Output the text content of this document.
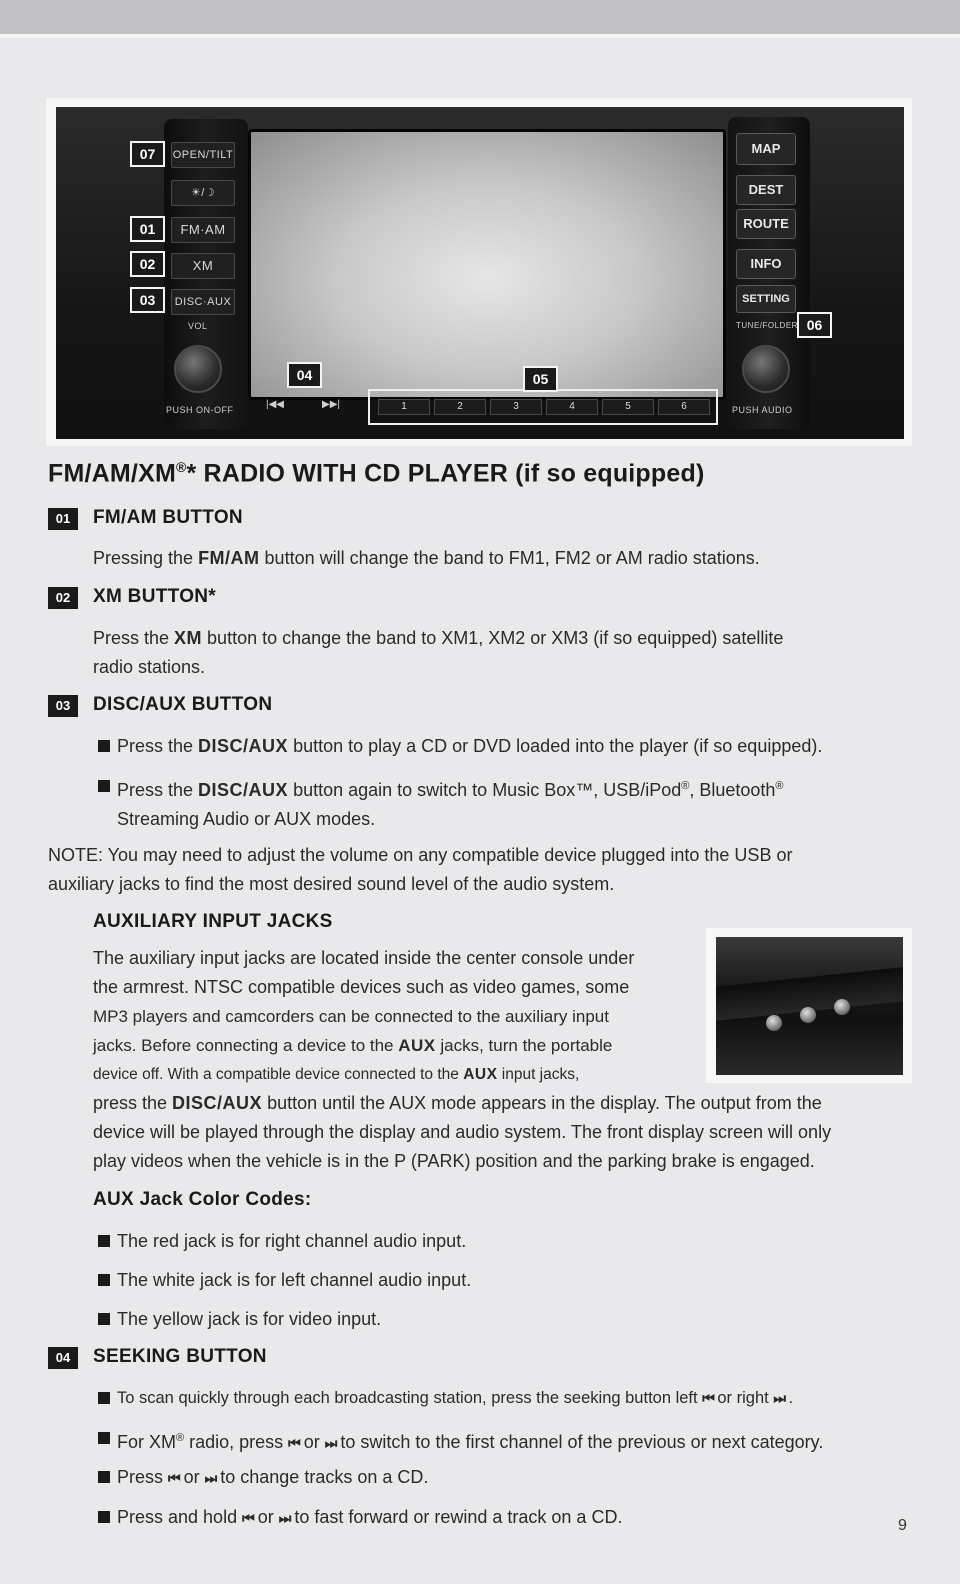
OPEN/TILT
☀/☽
FM·AM
XM
DISC·AUX
VOL
PUSH ON-OFF	|◀◀	▶▶|	1	2	3	4	5	6
MAP
DEST
ROUTE
INFO
SETTING
TUNE/FOLDER
PUSH AUDIO
07
01
02
03
04	05
06
FM/AM/XM®* RADIO WITH CD PLAYER (if so equipped)
01	FM/AM BUTTON
Pressing the FM/AM button will change the band to FM1, FM2 or AM radio stations.
02	XM BUTTON*
Press the XM button to change the band to XM1, XM2 or XM3 (if so equipped) satellite
radio stations.
03	DISC/AUX BUTTON
Press the DISC/AUX button to play a CD or DVD loaded into the player (if so equipped).
Press the DISC/AUX button again to switch to Music Box™, USB/iPod®, Bluetooth®
Streaming Audio or AUX modes.
NOTE: You may need to adjust the volume on any compatible device plugged into the USB or
auxiliary jacks to find the most desired sound level of the audio system.
AUXILIARY INPUT JACKS
The auxiliary input jacks are located inside the center console under
the armrest. NTSC compatible devices such as video games, some
MP3 players and camcorders can be connected to the auxiliary input
jacks. Before connecting a device to the AUX jacks, turn the portable
device off. With a compatible device connected to the AUX input jacks,
press the DISC/AUX button until the AUX mode appears in the display. The output from the
device will be played through the display and audio system. The front display screen will only
play videos when the vehicle is in the P (PARK) position and the parking brake is engaged.
AUX Jack Color Codes:
The red jack is for right channel audio input.
The white jack is for left channel audio input.
The yellow jack is for video input.
04	SEEKING BUTTON
To scan quickly through each broadcasting station, press the seeking button left ⏮ or right ⏭ .
For XM® radio, press ⏮ or ⏭ to switch to the first channel of the previous or next category.
Press ⏮ or ⏭ to change tracks on a CD.
Press and hold ⏮ or ⏭ to fast forward or rewind a track on a CD.	9
